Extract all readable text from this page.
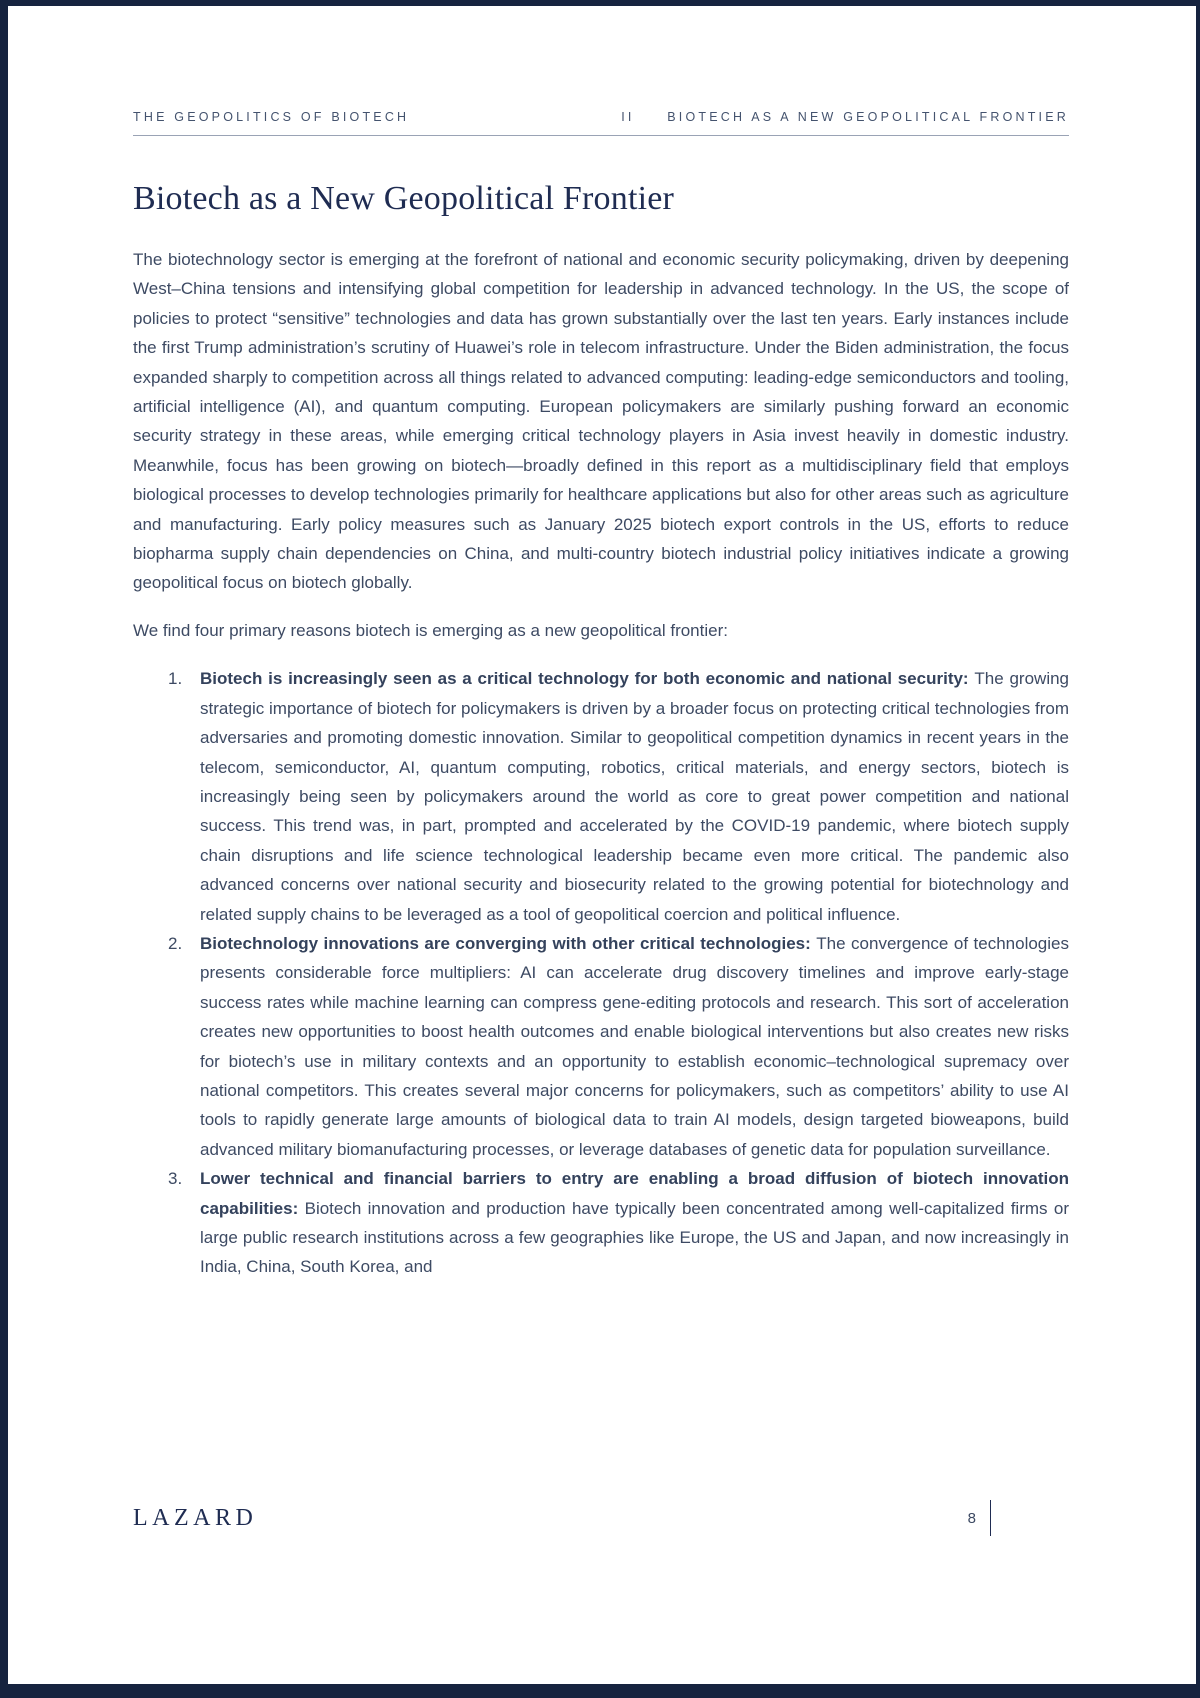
THE GEOPOLITICS OF BIOTECH	II	BIOTECH AS A NEW GEOPOLITICAL FRONTIER
Biotech as a New Geopolitical Frontier

The biotechnology sector is emerging at the forefront of national and economic security policymaking, driven by deepening West–China tensions and intensifying global competition for leadership in advanced technology. In the US, the scope of policies to protect “sensitive” technologies and data has grown substantially over the last ten years. Early instances include the first Trump administration’s scrutiny of Huawei’s role in telecom infrastructure. Under the Biden administration, the focus expanded sharply to competition across all things related to advanced computing: leading-edge semiconductors and tooling, artificial intelligence (AI), and quantum computing. European policymakers are similarly pushing forward an economic security strategy in these areas, while emerging critical technology players in Asia invest heavily in domestic industry. Meanwhile, focus has been growing on biotech—broadly defined in this report as a multidisciplinary field that employs biological processes to develop technologies primarily for healthcare applications but also for other areas such as agriculture and manufacturing. Early policy measures such as January 2025 biotech export controls in the US, efforts to reduce biopharma supply chain dependencies on China, and multi-country biotech industrial policy initiatives indicate a growing geopolitical focus on biotech globally.

We find four primary reasons biotech is emerging as a new geopolitical frontier:

1. Biotech is increasingly seen as a critical technology for both economic and national security: The growing strategic importance of biotech for policymakers is driven by a broader focus on protecting critical technologies from adversaries and promoting domestic innovation. Similar to geopolitical competition dynamics in recent years in the telecom, semiconductor, AI, quantum computing, robotics, critical materials, and energy sectors, biotech is increasingly being seen by policymakers around the world as core to great power competition and national success. This trend was, in part, prompted and accelerated by the COVID-19 pandemic, where biotech supply chain disruptions and life science technological leadership became even more critical. The pandemic also advanced concerns over national security and biosecurity related to the growing potential for biotechnology and related supply chains to be leveraged as a tool of geopolitical coercion and political influence.
2. Biotechnology innovations are converging with other critical technologies: The convergence of technologies presents considerable force multipliers: AI can accelerate drug discovery timelines and improve early-stage success rates while machine learning can compress gene-editing protocols and research. This sort of acceleration creates new opportunities to boost health outcomes and enable biological interventions but also creates new risks for biotech’s use in military contexts and an opportunity to establish economic–technological supremacy over national competitors. This creates several major concerns for policymakers, such as competitors’ ability to use AI tools to rapidly generate large amounts of biological data to train AI models, design targeted bioweapons, build advanced military biomanufacturing processes, or leverage databases of genetic data for population surveillance.
3. Lower technical and financial barriers to entry are enabling a broad diffusion of biotech innovation capabilities: Biotech innovation and production have typically been concentrated among well-capitalized firms or large public research institutions across a few geographies like Europe, the US and Japan, and now increasingly in India, China, South Korea, and
LAZARD	8
